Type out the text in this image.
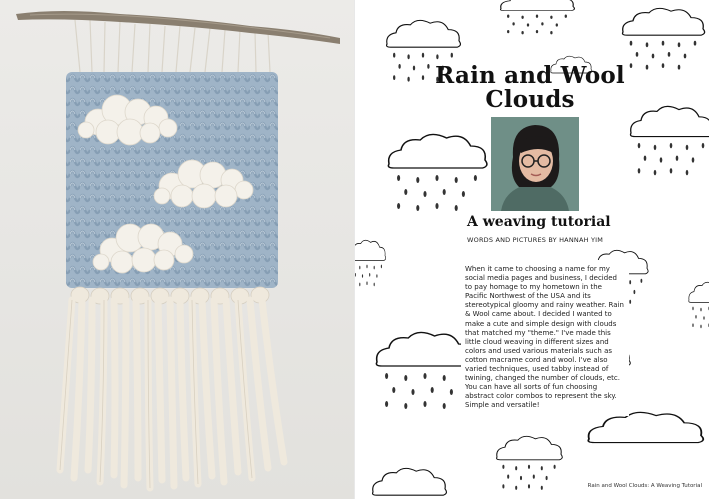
Rain and Wool
Clouds
A weaving tutorial
WORDS AND PICTURES BY HANNAH YIM
When it came to choosing a name for my social media pages and business, I decided to pay homage to my hometown in the Pacific Northwest of the USA and its stereotypical gloomy and rainy weather. Rain & Wool came about. I decided I wanted to make a cute and simple design with clouds that matched my "theme." I've made this little cloud weaving in different sizes and colors and used various materials such as cotton macrame cord and wool. I've also varied techniques, used tabby instead of twining, changed the number of clouds, etc. You can have all sorts of fun choosing abstract color combos to represent the sky. Simple and versatile!
Rain and Wool Clouds: A Weaving Tutorial
